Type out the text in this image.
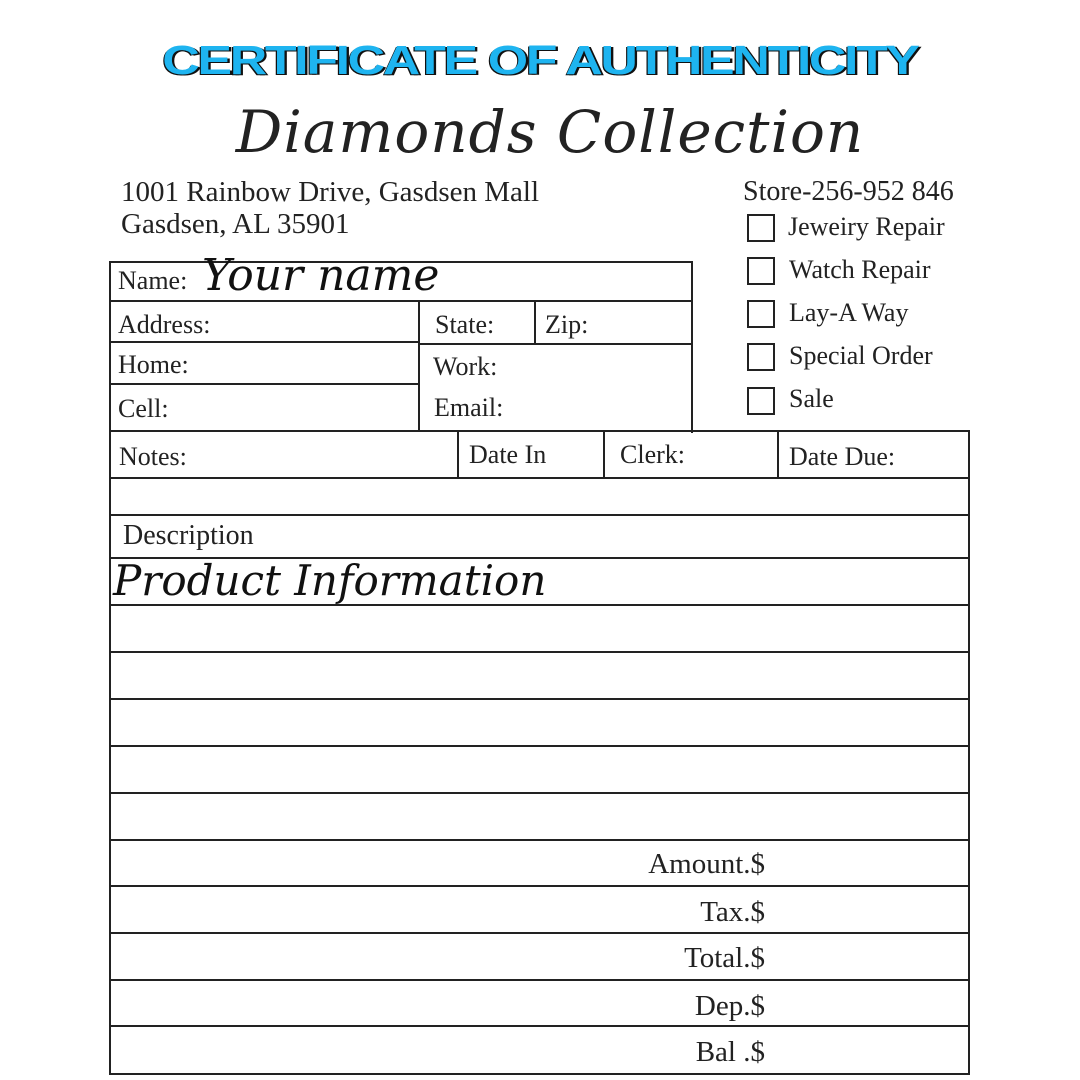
CERTIFICATE OF AUTHENTICITY
Diamonds Collection
1001 Rainbow Drive, Gasdsen Mall
Gasdsen, AL 35901
Store-256-952 846
Jeweiry Repair
Watch Repair
Lay-A Way
Special Order
Sale
Name: Your name
Address:	State: Zip:
Home:	Work:
Cell:	Email:
Notes:	Date In	Clerk:	Date Due:
Description
Product Information
Amount.$
Tax.$
Total.$
Dep.$
Bal .$
